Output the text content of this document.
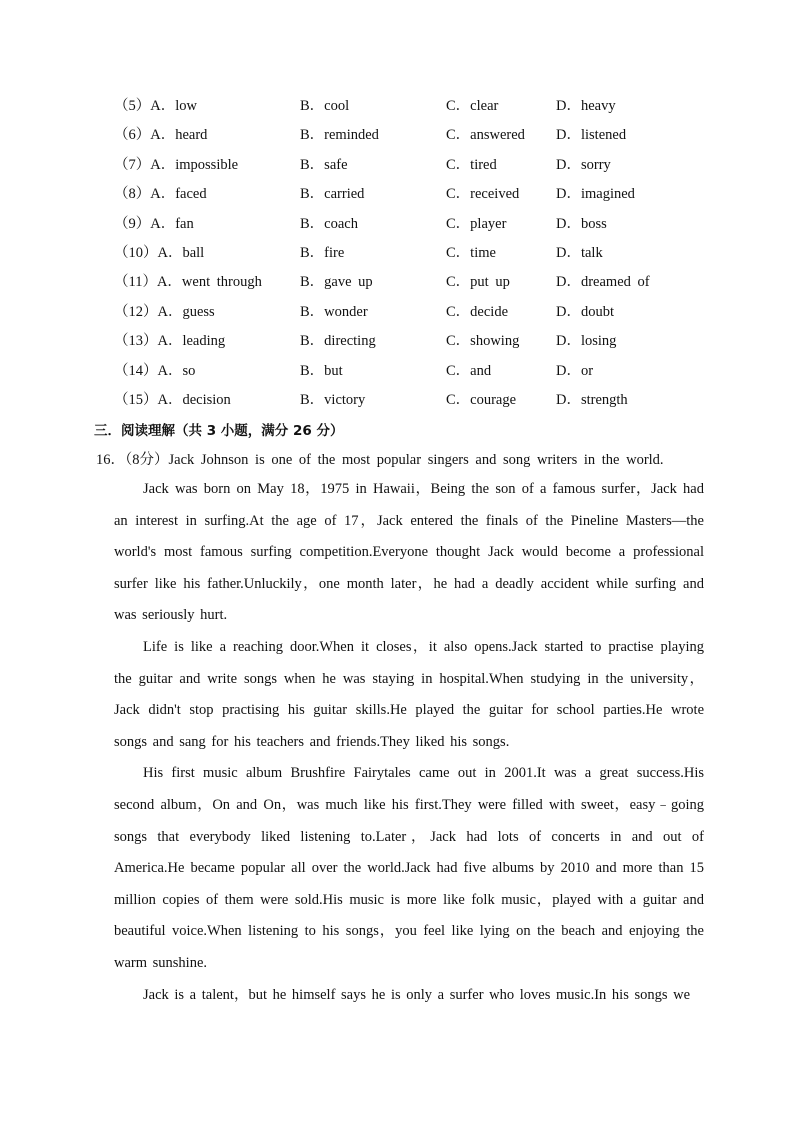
（5）A．low	B．cool	C．clear	D．heavy
（6）A．heard	B．reminded	C．answered D．listened
（7）A．impossible	B．safe	C．tired	D．sorry
（8）A．faced	B．carried	C．received	D．imagined
（9）A．fan	B．coach	C．player	D．boss
（10）A．ball	B．fire	C．time	D．talk
（11）A．went through	B．gave up	C．put up	D．dreamed of
（12）A．guess	B．wonder	C．decide	D．doubt
（13）A．leading	B．directing	C．showing	D．losing
（14）A．so	B．but	C．and	D．or
（15）A．decision	B．victory	C．courage	D．strength
三．阅读理解（共 3 小题，满分 26 分）
16．（8分）Jack Johnson is one of the most popular singers and song writers in the world.

Jack was born on May 18，1975 in Hawaii，Being the son of a famous surfer，Jack had an interest in surfing.At the age of 17，Jack entered the finals of the Pineline Masters—the world's most famous surfing competition.Everyone thought Jack would become a professional surfer like his father.Unluckily，one month later，he had a deadly accident while surfing and was seriously hurt.

Life is like a reaching door.When it closes，it also opens.Jack started to practise playing the guitar and write songs when he was staying in hospital.When studying in the university，Jack didn't stop practising his guitar skills.He played the guitar for school parties.He wrote songs and sang for his teachers and friends.They liked his songs.

His first music album Brushfire Fairytales came out in 2001.It was a great success.His second album，On and On，was much like his first.They were filled with sweet，easy﹣going songs that everybody liked listening to.Later，Jack had lots of concerts in and out of America.He became popular all over the world.Jack had five albums by 2010 and more than 15 million copies of them were sold.His music is more like folk music，played with a guitar and beautiful voice.When listening to his songs，you feel like lying on the beach and enjoying the warm sunshine.

Jack is a talent，but he himself says he is only a surfer who loves music.In his songs we
